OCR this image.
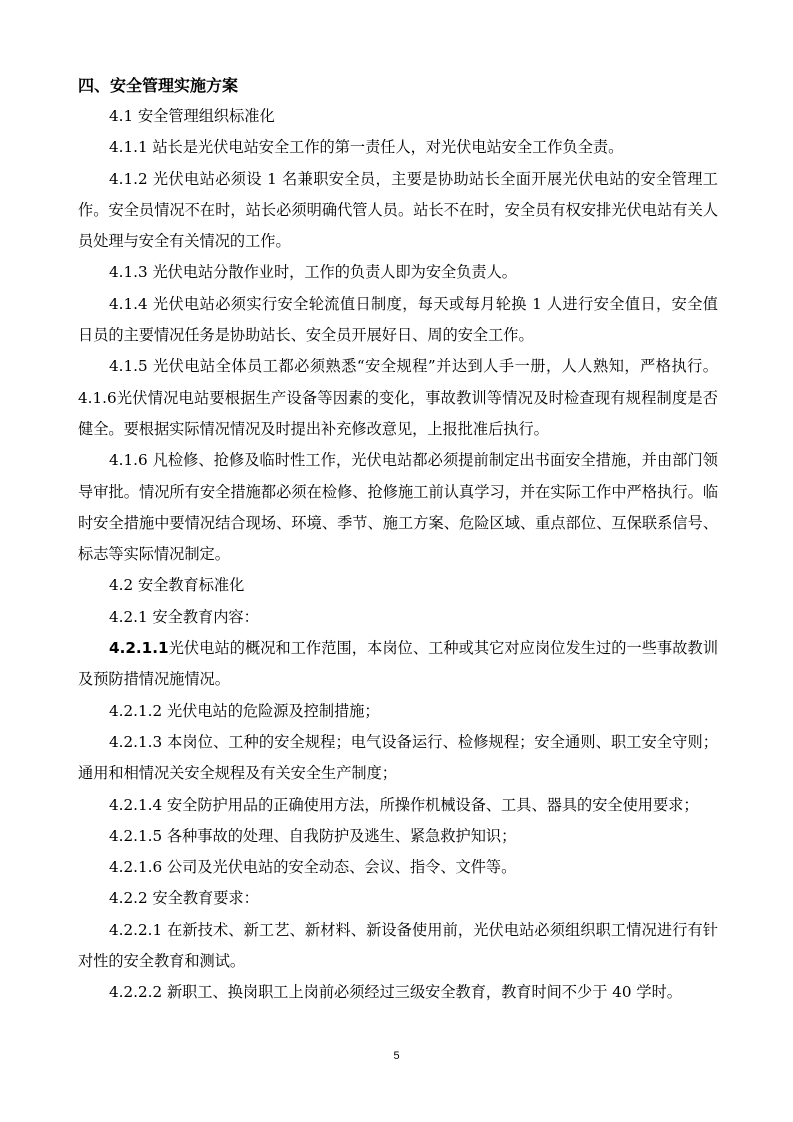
四、安全管理实施方案

4.1 安全管理组织标准化

4.1.1 站长是光伏电站安全工作的第一责任人，对光伏电站安全工作负全责。

4.1.2 光伏电站必须设 1 名兼职安全员，主要是协助站长全面开展光伏电站的安全管理工作。安全员情况不在时，站长必须明确代管人员。站长不在时，安全员有权安排光伏电站有关人员处理与安全有关情况的工作。

4.1.3 光伏电站分散作业时，工作的负责人即为安全负责人。

4.1.4 光伏电站必须实行安全轮流值日制度，每天或每月轮换 1 人进行安全值日，安全值日员的主要情况任务是协助站长、安全员开展好日、周的安全工作。

4.1.5 光伏电站全体员工都必须熟悉“安全规程”并达到人手一册，人人熟知，严格执行。4.1.6光伏情况电站要根据生产设备等因素的变化，事故教训等情况及时检查现有规程制度是否健全。要根据实际情况情况及时提出补充修改意见，上报批准后执行。

4.1.6 凡检修、抢修及临时性工作，光伏电站都必须提前制定出书面安全措施，并由部门领导审批。情况所有安全措施都必须在检修、抢修施工前认真学习，并在实际工作中严格执行。临时安全措施中要情况结合现场、环境、季节、施工方案、危险区域、重点部位、互保联系信号、标志等实际情况制定。

4.2 安全教育标准化

4.2.1 安全教育内容：

4.2.1.1光伏电站的概况和工作范围，本岗位、工种或其它对应岗位发生过的一些事故教训及预防措情况施情况。

4.2.1.2 光伏电站的危险源及控制措施；

4.2.1.3 本岗位、工种的安全规程；电气设备运行、检修规程；安全通则、职工安全守则；通用和相情况关安全规程及有关安全生产制度；

4.2.1.4 安全防护用品的正确使用方法，所操作机械设备、工具、器具的安全使用要求；

4.2.1.5 各种事故的处理、自我防护及逃生、紧急救护知识；

4.2.1.6 公司及光伏电站的安全动态、会议、指令、文件等。

4.2.2 安全教育要求：

4.2.2.1 在新技术、新工艺、新材料、新设备使用前，光伏电站必须组织职工情况进行有针对性的安全教育和测试。

4.2.2.2 新职工、换岗职工上岗前必须经过三级安全教育，教育时间不少于 40 学时。

5
